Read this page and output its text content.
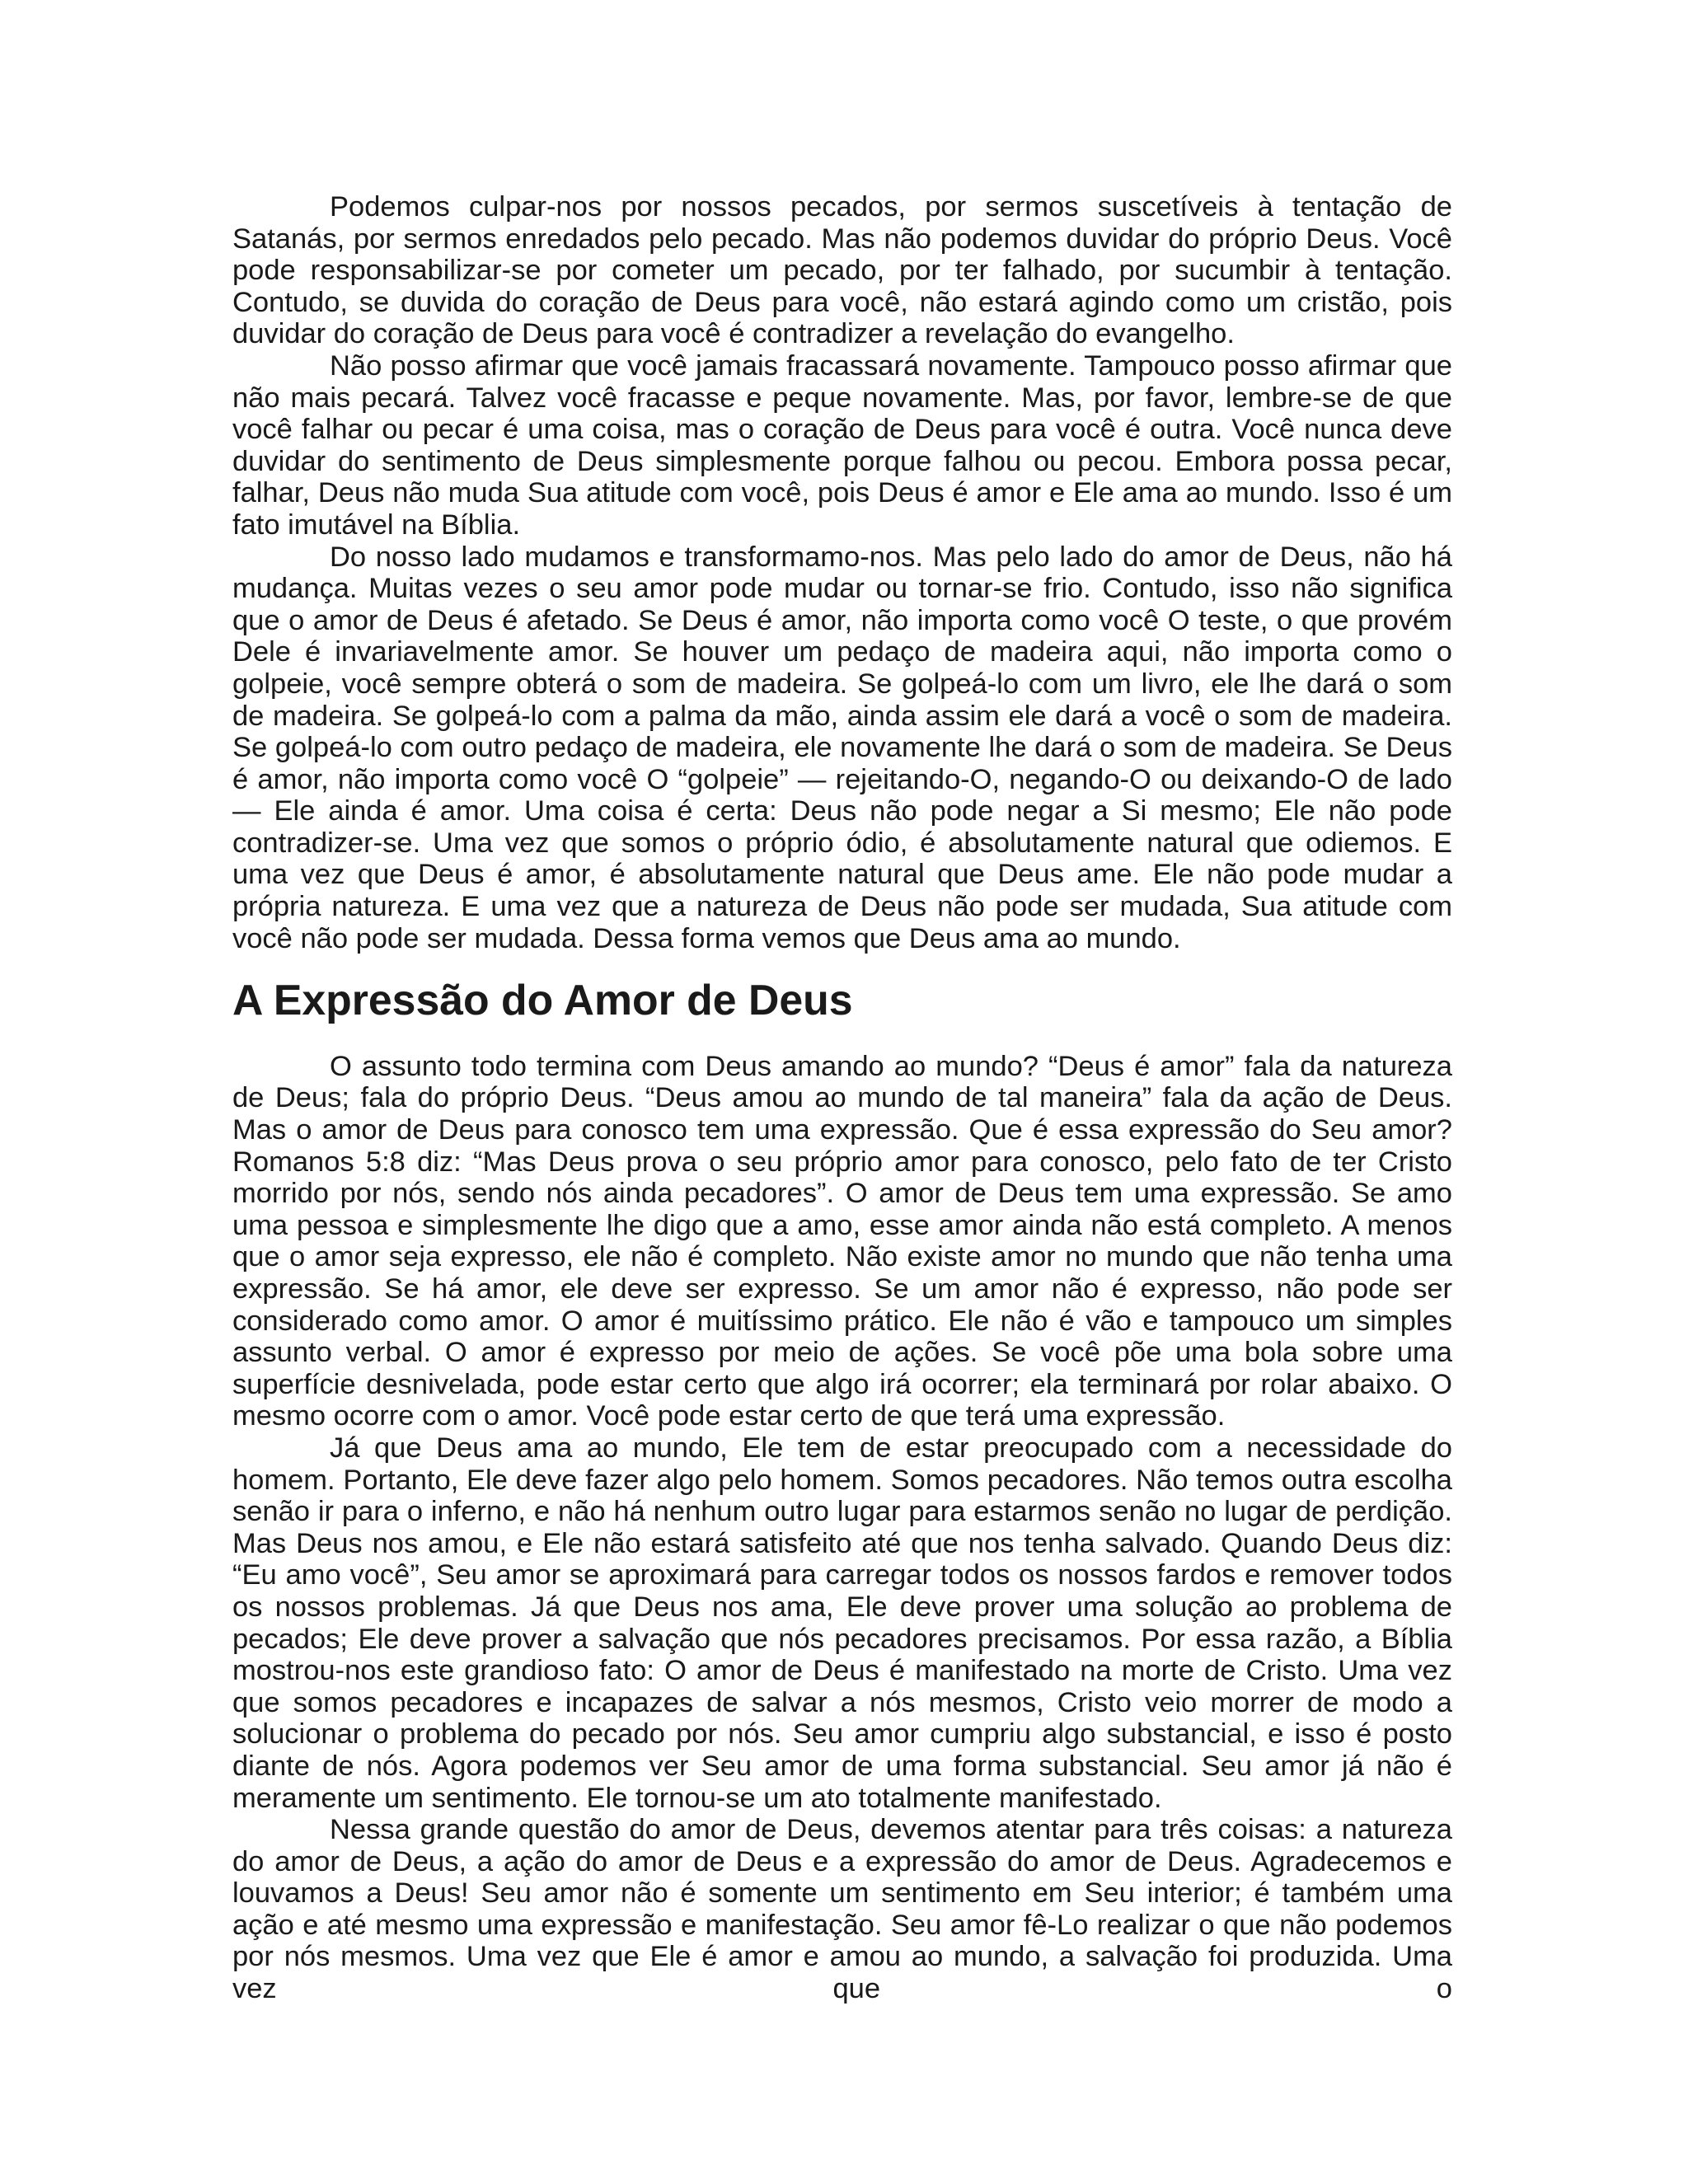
Podemos culpar-nos por nossos pecados, por sermos suscetíveis à tentação de Satanás, por sermos enredados pelo pecado. Mas não podemos duvidar do próprio Deus. Você pode responsabilizar-se por cometer um pecado, por ter falhado, por sucumbir à tentação. Contudo, se duvida do coração de Deus para você, não estará agindo como um cristão, pois duvidar do coração de Deus para você é contradizer a revelação do evangelho.

Não posso afirmar que você jamais fracassará novamente. Tampouco posso afirmar que não mais pecará. Talvez você fracasse e peque novamente. Mas, por favor, lembre-se de que você falhar ou pecar é uma coisa, mas o coração de Deus para você é outra. Você nunca deve duvidar do sentimento de Deus simplesmente porque falhou ou pecou. Embora possa pecar, falhar, Deus não muda Sua atitude com você, pois Deus é amor e Ele ama ao mundo. Isso é um fato imutável na Bíblia.

Do nosso lado mudamos e transformamo-nos. Mas pelo lado do amor de Deus, não há mudança. Muitas vezes o seu amor pode mudar ou tornar-se frio. Contudo, isso não significa que o amor de Deus é afetado. Se Deus é amor, não importa como você O teste, o que provém Dele é invariavelmente amor. Se houver um pedaço de madeira aqui, não importa como o golpeie, você sempre obterá o som de madeira. Se golpeá-lo com um livro, ele lhe dará o som de madeira. Se golpeá-lo com a palma da mão, ainda assim ele dará a você o som de madeira. Se golpeá-lo com outro pedaço de madeira, ele novamente lhe dará o som de madeira. Se Deus é amor, não importa como você O “golpeie” — rejeitando-O, negando-O ou deixando-O de lado — Ele ainda é amor. Uma coisa é certa: Deus não pode negar a Si mesmo; Ele não pode contradizer-se. Uma vez que somos o próprio ódio, é absolutamente natural que odiemos. E uma vez que Deus é amor, é absolutamente natural que Deus ame. Ele não pode mudar a própria natureza. E uma vez que a natureza de Deus não pode ser mudada, Sua atitude com você não pode ser mudada. Dessa forma vemos que Deus ama ao mundo.

A Expressão do Amor de Deus

O assunto todo termina com Deus amando ao mundo? “Deus é amor” fala da natureza de Deus; fala do próprio Deus. “Deus amou ao mundo de tal maneira” fala da ação de Deus. Mas o amor de Deus para conosco tem uma expressão. Que é essa expressão do Seu amor? Romanos 5:8 diz: “Mas Deus prova o seu próprio amor para conosco, pelo fato de ter Cristo morrido por nós, sendo nós ainda pecadores”. O amor de Deus tem uma expressão. Se amo uma pessoa e simplesmente lhe digo que a amo, esse amor ainda não está completo. A menos que o amor seja expresso, ele não é completo. Não existe amor no mundo que não tenha uma expressão. Se há amor, ele deve ser expresso. Se um amor não é expresso, não pode ser considerado como amor. O amor é muitíssimo prático. Ele não é vão e tampouco um simples assunto verbal. O amor é expresso por meio de ações. Se você põe uma bola sobre uma superfície desnivelada, pode estar certo que algo irá ocorrer; ela terminará por rolar abaixo. O mesmo ocorre com o amor. Você pode estar certo de que terá uma expressão.

Já que Deus ama ao mundo, Ele tem de estar preocupado com a necessidade do homem. Portanto, Ele deve fazer algo pelo homem. Somos pecadores. Não temos outra escolha senão ir para o inferno, e não há nenhum outro lugar para estarmos senão no lugar de perdição. Mas Deus nos amou, e Ele não estará satisfeito até que nos tenha salvado. Quando Deus diz: “Eu amo você”, Seu amor se aproximará para carregar todos os nossos fardos e remover todos os nossos problemas. Já que Deus nos ama, Ele deve prover uma solução ao problema de pecados; Ele deve prover a salvação que nós pecadores precisamos. Por essa razão, a Bíblia mostrou-nos este grandioso fato: O amor de Deus é manifestado na morte de Cristo. Uma vez que somos pecadores e incapazes de salvar a nós mesmos, Cristo veio morrer de modo a solucionar o problema do pecado por nós. Seu amor cumpriu algo substancial, e isso é posto diante de nós. Agora podemos ver Seu amor de uma forma substancial. Seu amor já não é meramente um sentimento. Ele tornou-se um ato totalmente manifestado.

Nessa grande questão do amor de Deus, devemos atentar para três coisas: a natureza do amor de Deus, a ação do amor de Deus e a expressão do amor de Deus. Agradecemos e louvamos a Deus! Seu amor não é somente um sentimento em Seu interior; é também uma ação e até mesmo uma expressão e manifestação. Seu amor fê-Lo realizar o que não podemos por nós mesmos. Uma vez que Ele é amor e amou ao mundo, a salvação foi produzida. Uma vez que o
